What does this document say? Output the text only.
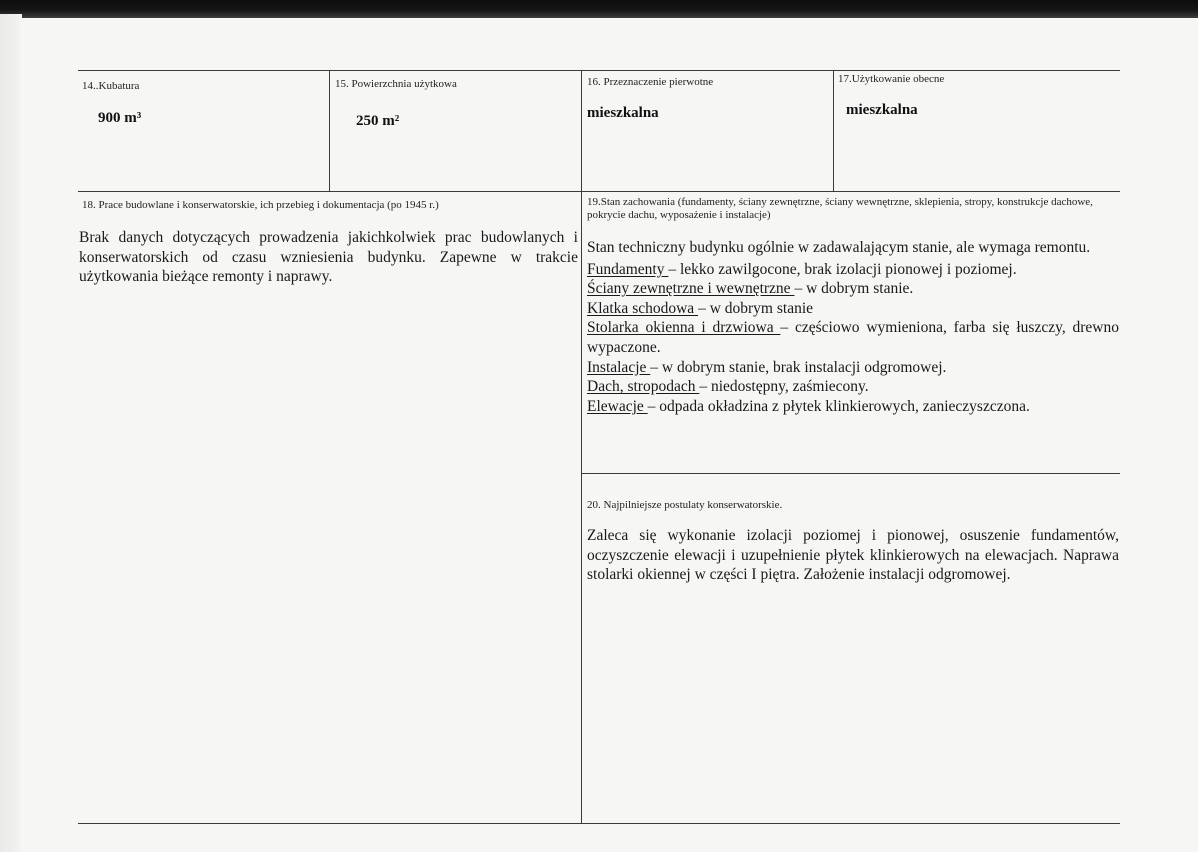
14..Kubatura
900 m³
15. Powierzchnia użytkowa
250 m²
16. Przeznaczenie pierwotne
mieszkalna
17.Użytkowanie obecne
mieszkalna
18. Prace budowlane i konserwatorskie, ich przebieg i dokumentacja (po 1945 r.)
Brak danych dotyczących prowadzenia jakichkolwiek prac budowlanych i konserwatorskich od czasu wzniesienia budynku. Zapewne w trakcie użytkowania bieżące remonty i naprawy.
19.Stan zachowania (fundamenty, ściany zewnętrzne, ściany wewnętrzne, sklepienia, stropy, konstrukcje dachowe, pokrycie dachu, wyposażenie i instalacje)
Stan techniczny budynku ogólnie w zadawalającym stanie, ale wymaga remontu.
Fundamenty – lekko zawilgocone, brak izolacji pionowej i poziomej.
Ściany zewnętrzne i wewnętrzne – w dobrym stanie.
Klatka schodowa – w dobrym stanie
Stolarka okienna i drzwiowa – częściowo wymieniona, farba się łuszczy, drewno wypaczone.
Instalacje – w dobrym stanie, brak instalacji odgromowej.
Dach, stropodach – niedostępny, zaśmiecony.
Elewacje – odpada okładzina z płytek klinkierowych, zanieczyszczona.
20. Najpilniejsze postulaty konserwatorskie.
Zaleca się wykonanie izolacji poziomej i pionowej, osuszenie fundamentów, oczyszczenie elewacji i uzupełnienie płytek klinkierowych na elewacjach. Naprawa stolarki okiennej w części I piętra. Założenie instalacji odgromowej.
